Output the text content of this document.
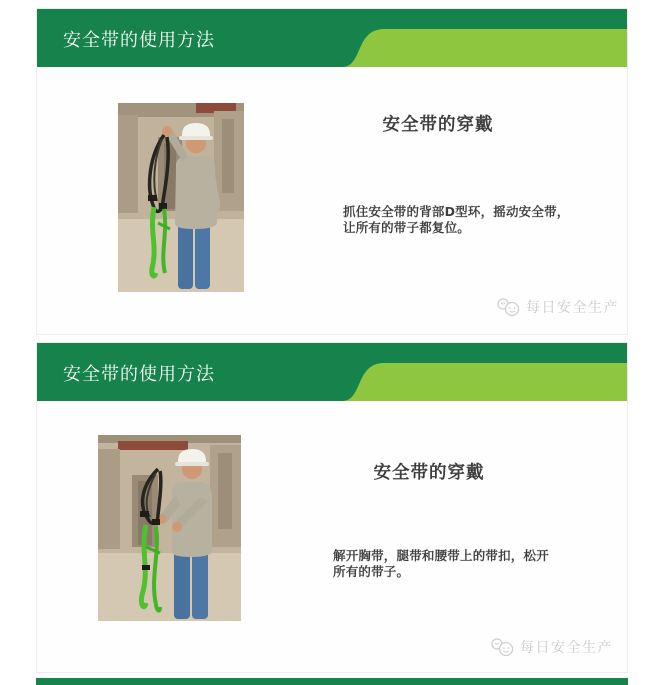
安全带的使用方法
安全带的穿戴
抓住安全带的背部D型环，摇动安全带，
让所有的带子都复位。
每日安全生产
安全带的使用方法
安全带的穿戴
解开胸带，腿带和腰带上的带扣，松开
所有的带子。
每日安全生产
